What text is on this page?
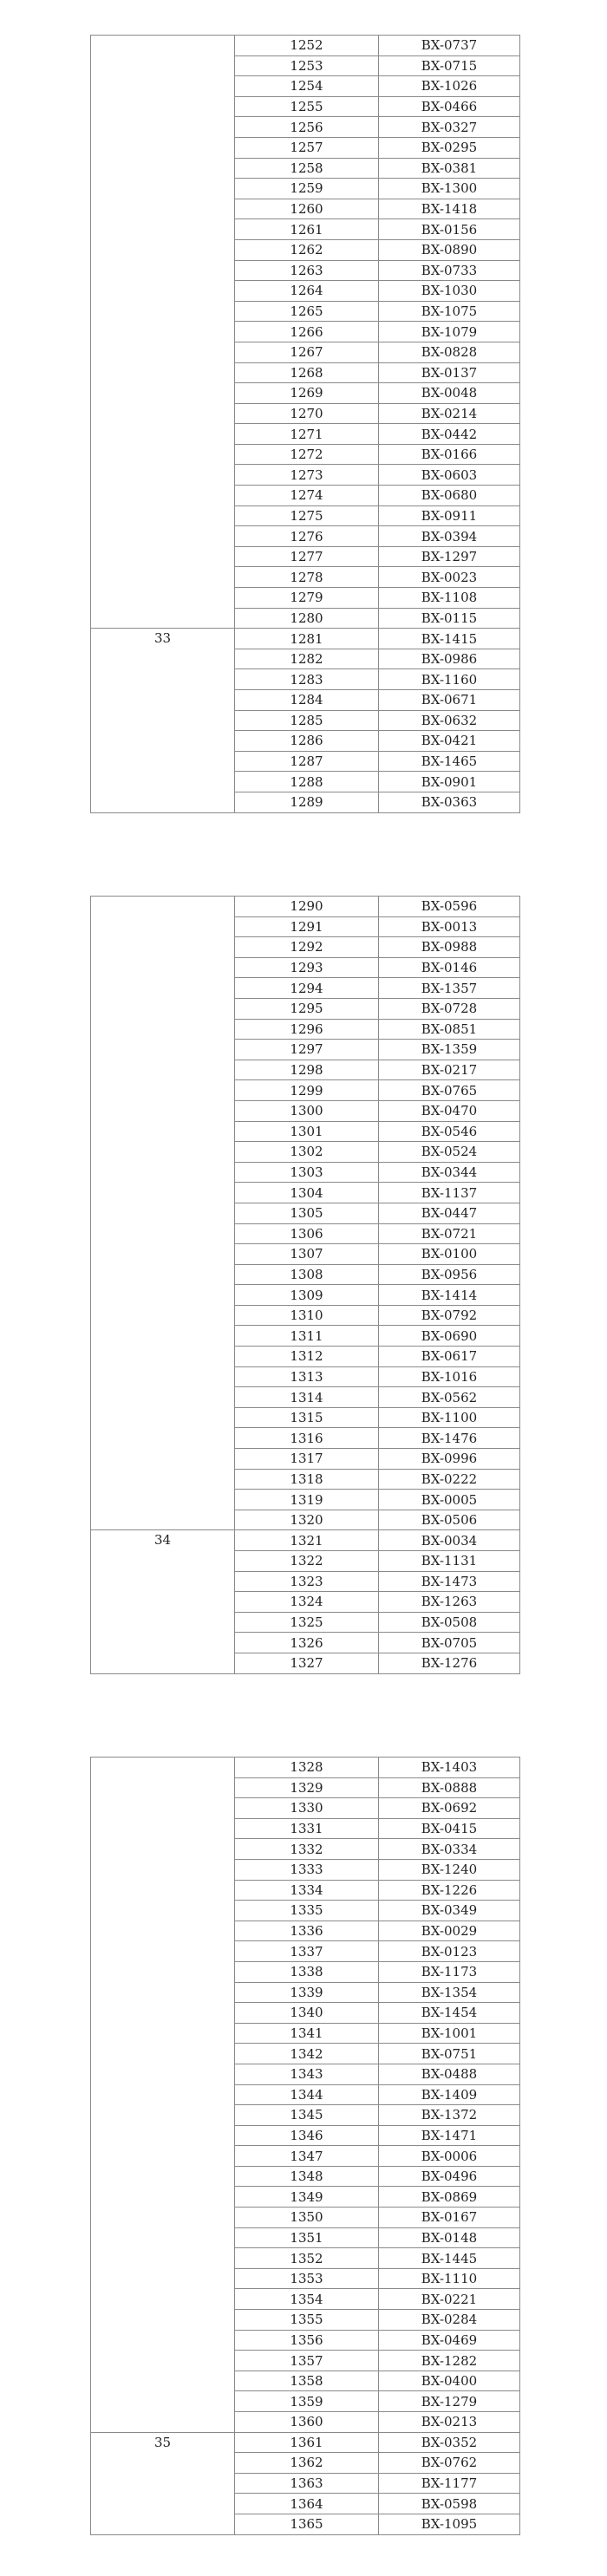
	1252	BX-0737
	1253	BX-0715
	1254	BX-1026
	1255	BX-0466
	1256	BX-0327
	1257	BX-0295
	1258	BX-0381
	1259	BX-1300
	1260	BX-1418
	1261	BX-0156
	1262	BX-0890
	1263	BX-0733
	1264	BX-1030
	1265	BX-1075
	1266	BX-1079
	1267	BX-0828
	1268	BX-0137
	1269	BX-0048
	1270	BX-0214
	1271	BX-0442
	1272	BX-0166
	1273	BX-0603
	1274	BX-0680
	1275	BX-0911
	1276	BX-0394
	1277	BX-1297
	1278	BX-0023
	1279	BX-1108
	1280	BX-0115
33	1281	BX-1415
	1282	BX-0986
	1283	BX-1160
	1284	BX-0671
	1285	BX-0632
	1286	BX-0421
	1287	BX-1465
	1288	BX-0901
	1289	BX-0363
	1290	BX-0596
	1291	BX-0013
	1292	BX-0988
	1293	BX-0146
	1294	BX-1357
	1295	BX-0728
	1296	BX-0851
	1297	BX-1359
	1298	BX-0217
	1299	BX-0765
	1300	BX-0470
	1301	BX-0546
	1302	BX-0524
	1303	BX-0344
	1304	BX-1137
	1305	BX-0447
	1306	BX-0721
	1307	BX-0100
	1308	BX-0956
	1309	BX-1414
	1310	BX-0792
	1311	BX-0690
	1312	BX-0617
	1313	BX-1016
	1314	BX-0562
	1315	BX-1100
	1316	BX-1476
	1317	BX-0996
	1318	BX-0222
	1319	BX-0005
	1320	BX-0506
34	1321	BX-0034
	1322	BX-1131
	1323	BX-1473
	1324	BX-1263
	1325	BX-0508
	1326	BX-0705
	1327	BX-1276
	1328	BX-1403
	1329	BX-0888
	1330	BX-0692
	1331	BX-0415
	1332	BX-0334
	1333	BX-1240
	1334	BX-1226
	1335	BX-0349
	1336	BX-0029
	1337	BX-0123
	1338	BX-1173
	1339	BX-1354
	1340	BX-1454
	1341	BX-1001
	1342	BX-0751
	1343	BX-0488
	1344	BX-1409
	1345	BX-1372
	1346	BX-1471
	1347	BX-0006
	1348	BX-0496
	1349	BX-0869
	1350	BX-0167
	1351	BX-0148
	1352	BX-1445
	1353	BX-1110
	1354	BX-0221
	1355	BX-0284
	1356	BX-0469
	1357	BX-1282
	1358	BX-0400
	1359	BX-1279
	1360	BX-0213
35	1361	BX-0352
	1362	BX-0762
	1363	BX-1177
	1364	BX-0598
	1365	BX-1095
